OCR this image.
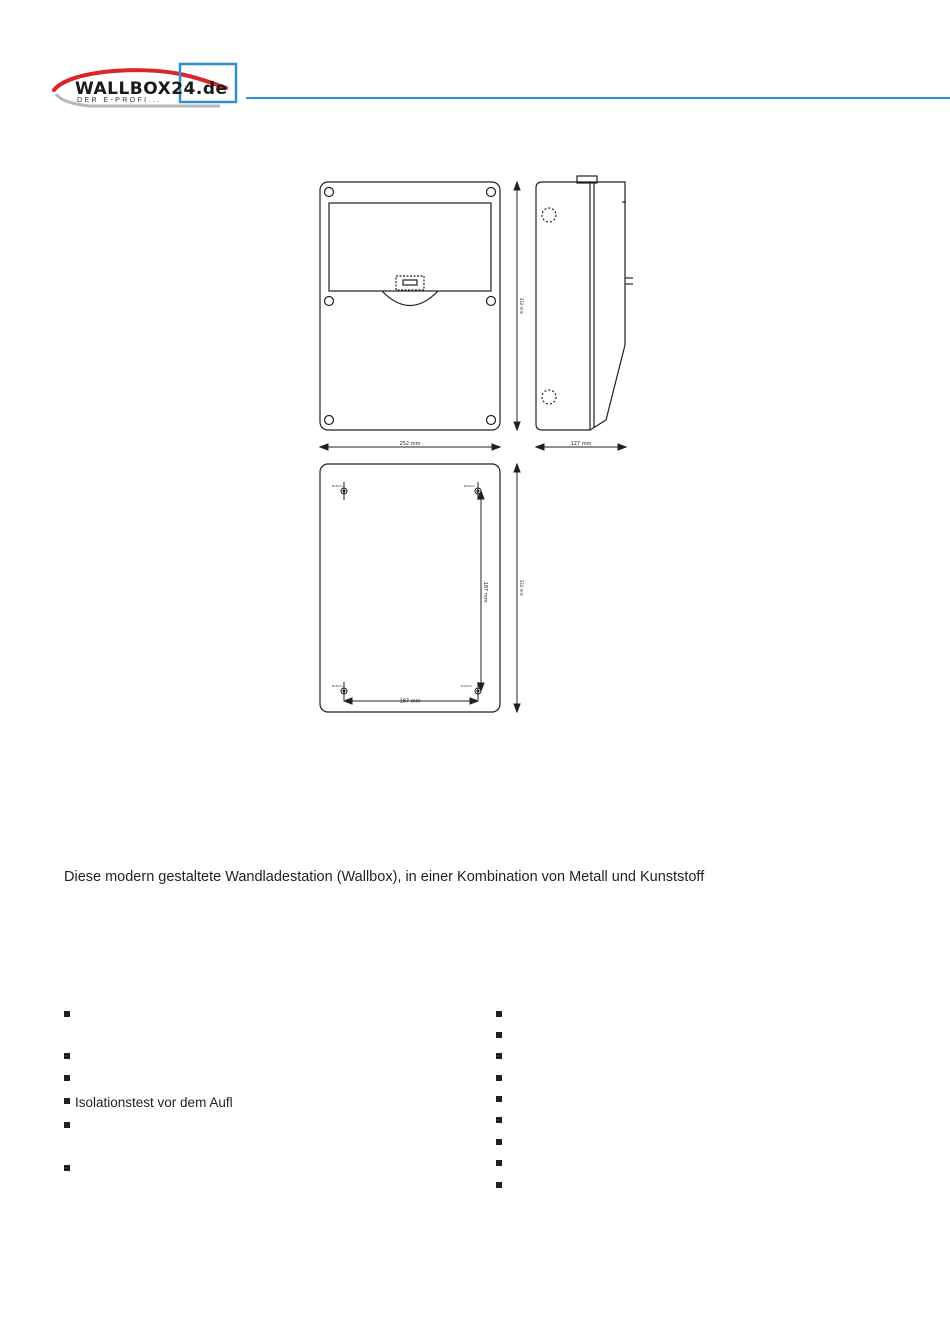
WALLBOX24.de
DER E-PROFI...
332 mm
252 mm	127 mm
Ø 6mm	Ø 6mm
Ø 6mm	Ø 6mm
187 mm
187 mm
332 mm
Diese modern gestaltete Wandladestation (Wallbox), in einer Kombination von Metall und Kunststoff
Isolationstest vor dem Aufl
